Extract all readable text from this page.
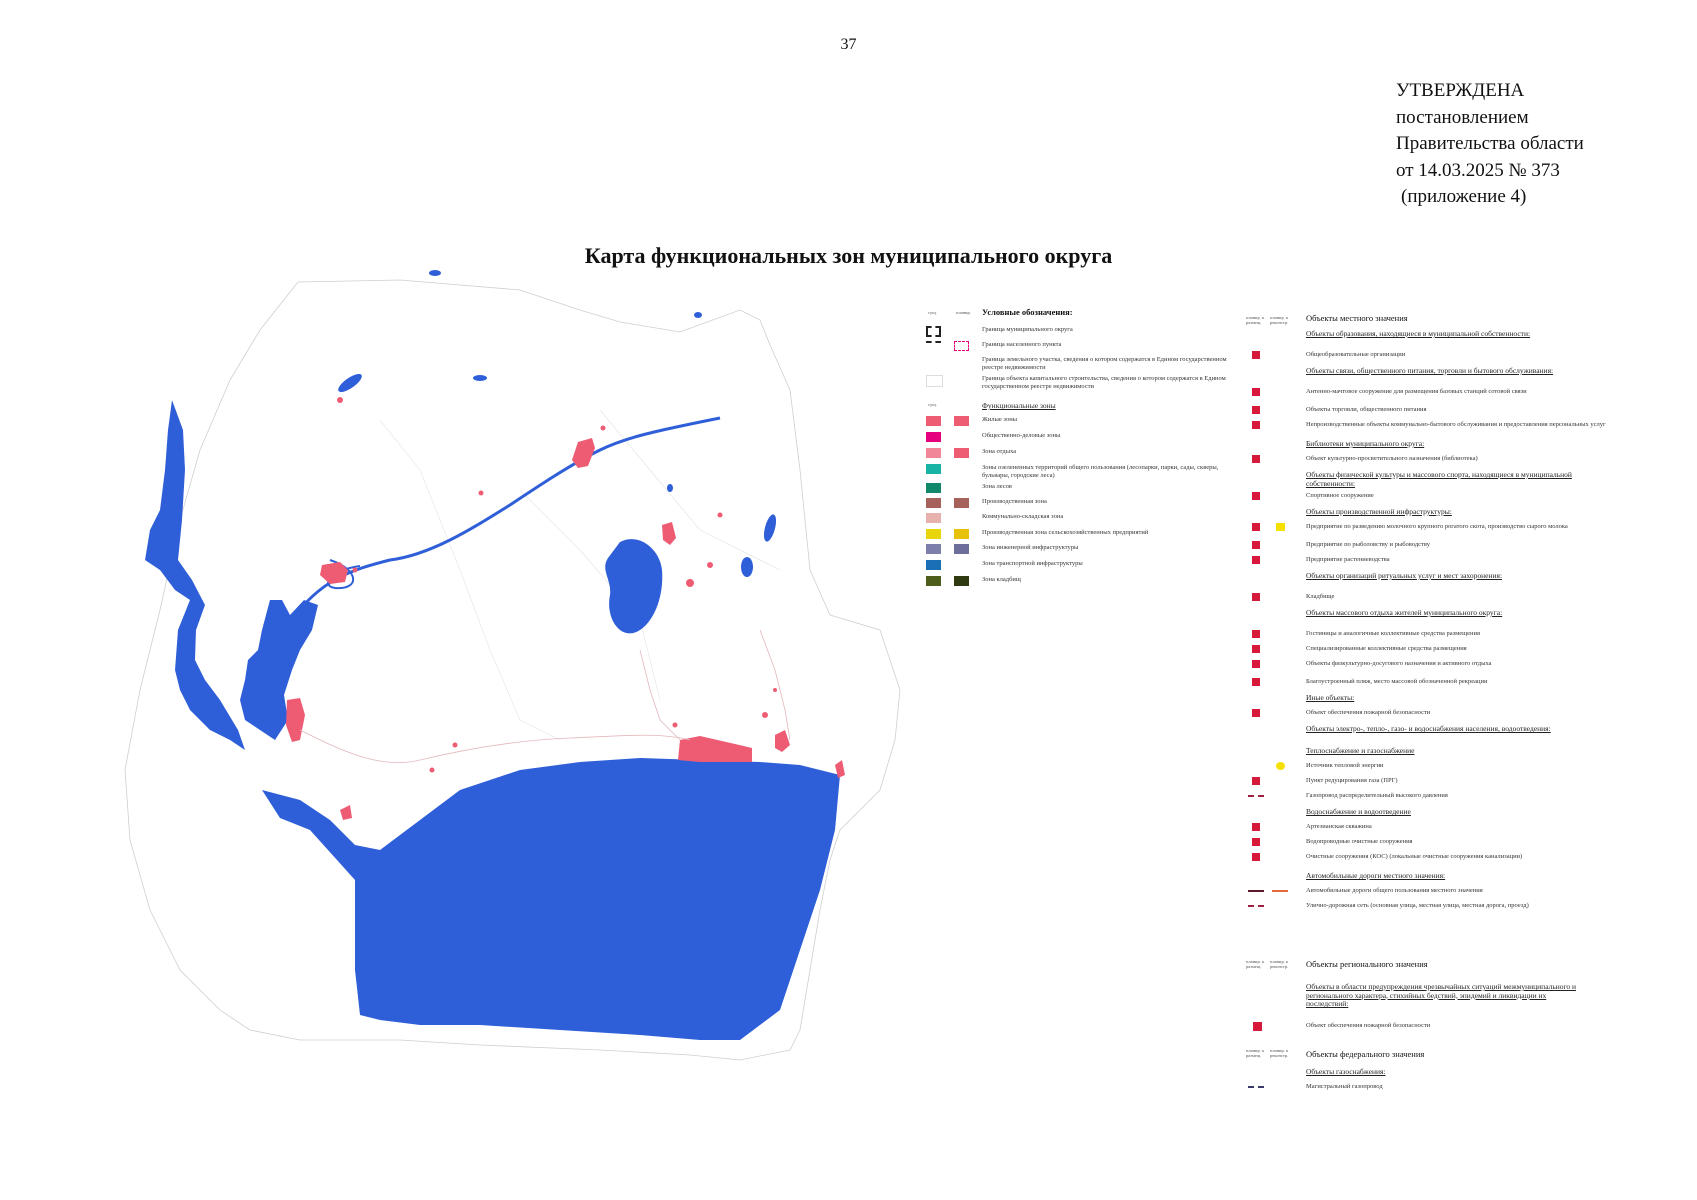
37
УТВЕРЖДЕНА
постановлением
Правительства области
от 14.03.2025 № 373
(приложение 4)
Карта функциональных зон муниципального округа
сущ.	планир. Условные обозначения:
Граница муниципального округа
Граница населенного пункта
Граница земельного участка, сведения о котором содержатся в Едином государственном реестре недвижимости
Граница объекта капитального строительства, сведения о котором содержатся в Едином государственном реестре недвижимости
сущ.	Функциональные зоны
Жилые зоны
Общественно-деловые зоны
Зона отдыха
Зоны озелененных территорий общего пользования (лесопарки, парки, сады, скверы, бульвары, городские леса)
Зона лесов
Производственная зона
Коммунально-складская зона
Производственная зона сельскохозяйственных предприятий
Зона инженерной инфраструктуры
Зона транспортной инфраструктуры
Зона кладбищ
планир. к размещ.
планир. к реконстр.	Объекты местного значения
Объекты образования, находящиеся в муниципальной собственности:
Общеобразовательные организации
Объекты связи, общественного питания, торговли и бытового обслуживания:
Антенно-мачтовое сооружение для размещения базовых станций сотовой связи
Объекты торговли, общественного питания
Непроизводственные объекты коммунально-бытового обслуживания и предоставления персональных услуг
Библиотеки муниципального округа:
Объект культурно-просветительного назначения (библиотека)
Объекты физической культуры и массового спорта, находящиеся в муниципальной собственности:
Спортивное сооружение
Объекты производственной инфраструктуры:
Предприятие по разведению молочного крупного рогатого скота, производство сырого молока
Предприятие по рыболовству и рыбоводству
Предприятие растениеводства
Объекты организаций ритуальных услуг и мест захоронения:
Кладбище
Объекты массового отдыха жителей муниципального округа:
Гостиницы и аналогичные коллективные средства размещения
Специализированные коллективные средства размещения
Объекты физкультурно-досугового назначения и активного отдыха
Благоустроенный пляж, место массовой обозначенной рекреации
Иные объекты:
Объект обеспечения пожарной безопасности
Объекты электро-, тепло-, газо- и водоснабжения населения, водоотведения:
Теплоснабжение и газоснабжение
Источник тепловой энергии
Пункт редуцирования газа (ПРГ)
Газопровод распределительный высокого давления
Водоснабжение и водоотведение
Артезианская скважина
Водопроводные очистные сооружения
Очистные сооружения (КОС) (локальные очистные сооружения канализации)
Автомобильные дороги местного значения:
Автомобильные дороги общего пользования местного значения
Улично-дорожная сеть (основная улица, местная улица, местная дорога, проезд)
планир. к размещ.
планир. к реконстр.	Объекты регионального значения
Объекты в области предупреждения чрезвычайных ситуаций межмуниципального и регионального характера, стихийных бедствий, эпидемий и ликвидации их последствий:
Объект обеспечения пожарной безопасности
планир. к размещ.
планир. к реконстр.	Объекты федерального значения
Объекты газоснабжения:
Магистральный газопровод
